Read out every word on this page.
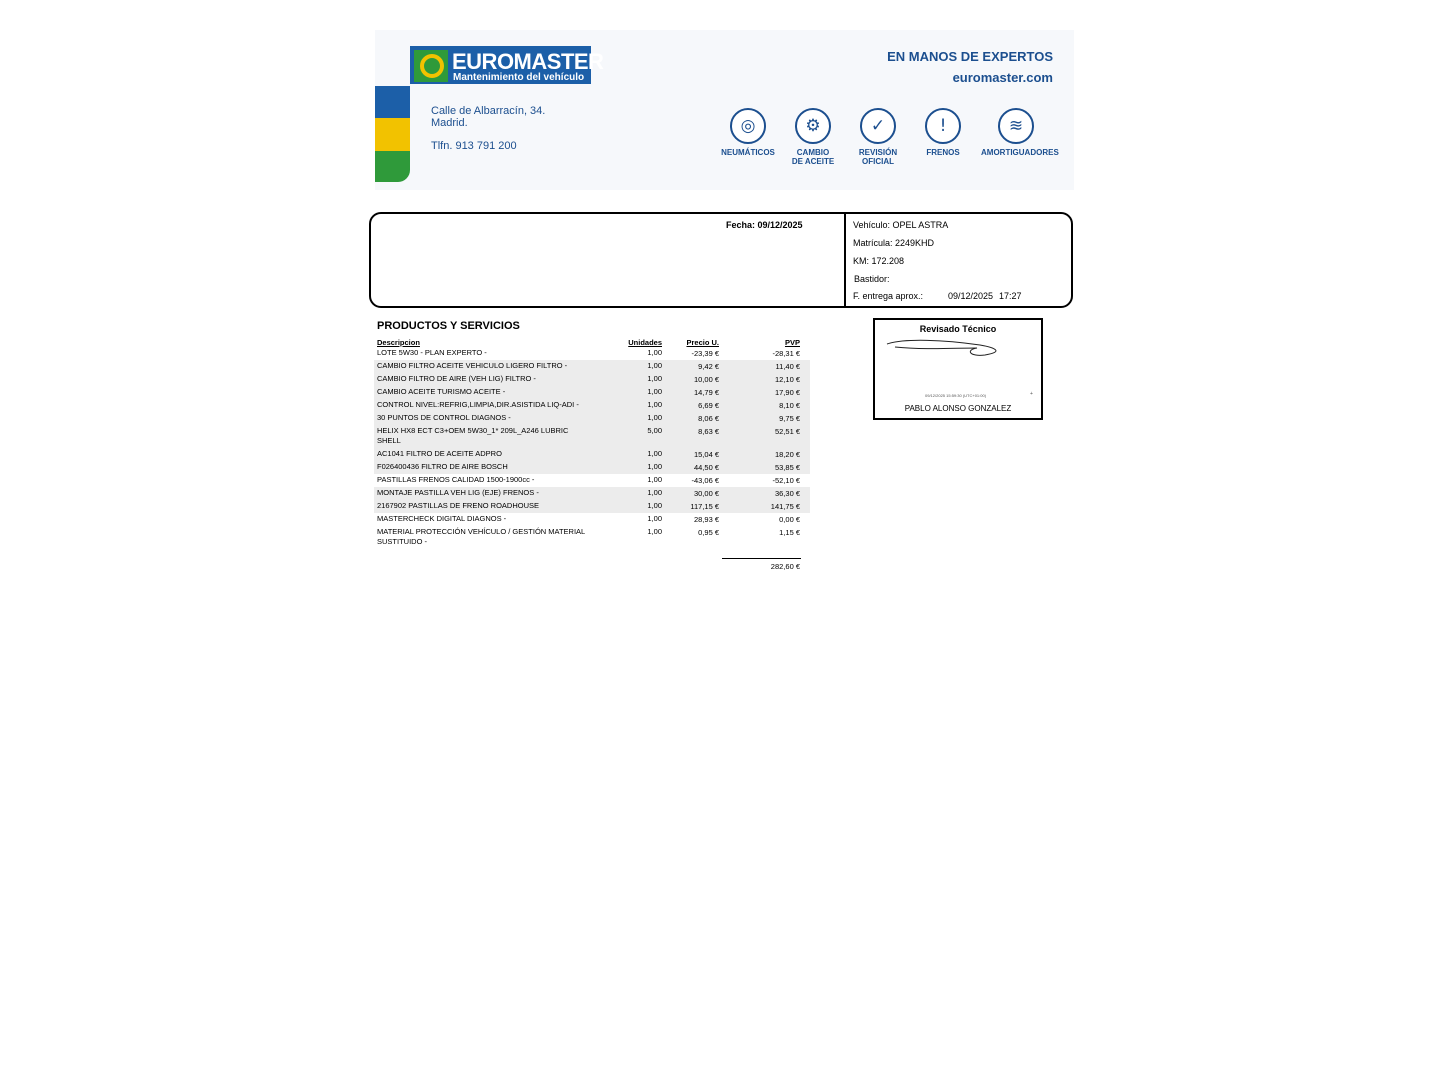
EUROMASTER
Mantenimiento del vehículo
Calle de Albarracín, 34.
Madrid.
Tlfn. 913 791 200
EN MANOS DE EXPERTOS
euromaster.com
◎
NEUMÁTICOS
⚙
CAMBIO
DE ACEITE
✓
REVISIÓN
OFICIAL
!
FRENOS
≋
AMORTIGUADORES
Fecha: 09/12/2025	Vehículo: OPEL ASTRA
Matrícula: 2249KHD
KM: 172.208
Bastidor:
F. entrega aprox.:	09/12/2025 17:27
PRODUCTOS Y SERVICIOS
Descripcion	Unidades	Precio U.	PVP
LOTE 5W30 - PLAN EXPERTO -	1,00	-23,39 €	-28,31 €
CAMBIO FILTRO ACEITE VEHICULO LIGERO FILTRO -	1,00	9,42 €	11,40 €
CAMBIO FILTRO DE AIRE (VEH LIG) FILTRO -	1,00	10,00 €	12,10 €
CAMBIO ACEITE TURISMO ACEITE -	1,00	14,79 €	17,90 €
CONTROL NIVEL:REFRIG,LIMPIA,DIR.ASISTIDA LIQ-ADI -	1,00	6,69 €	8,10 €
30 PUNTOS DE CONTROL DIAGNOS -	1,00	8,06 €	9,75 €
HELIX HX8 ECT C3+OEM 5W30_1* 209L_A246 LUBRIC SHELL
5,00	8,63 €	52,51 €
AC1041 FILTRO DE ACEITE ADPRO	1,00	15,04 €	18,20 €
F026400436 FILTRO DE AIRE BOSCH	1,00	44,50 €	53,85 €
PASTILLAS FRENOS CALIDAD 1500-1900cc -	1,00	-43,06 €	-52,10 €
MONTAJE PASTILLA VEH LIG (EJE) FRENOS -	1,00	30,00 €	36,30 €
2167902 PASTILLAS DE FRENO ROADHOUSE	1,00	117,15 €	141,75 €
MASTERCHECK DIGITAL DIAGNOS -	1,00	28,93 €	0,00 €
MATERIAL PROTECCIÓN VEHÍCULO / GESTIÓN MATERIAL SUSTITUIDO -
1,00	0,95 €	1,15 €
282,60 €
Revisado Técnico
09/12/2025 15:59:30 (UTC+01:00)	+
PABLO ALONSO GONZALEZ
